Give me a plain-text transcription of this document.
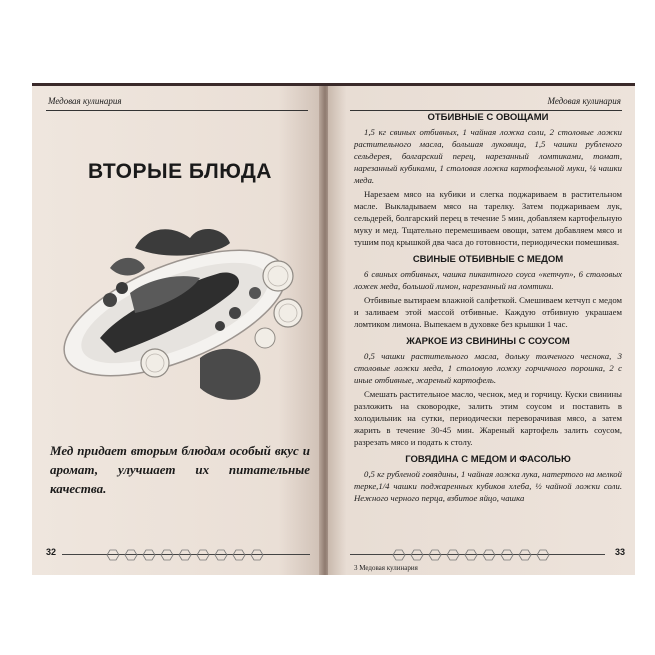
Медовая кулинария
ВТОРЫЕ БЛЮДА
Мед придает вторым блюдам особый вкус и аромат, улучшает их питательные качества.
32
Медовая кулинария
ОТБИВНЫЕ С ОВОЩАМИ

1,5 кг свиных отбивных, 1 чайная ложка соли, 2 столовые ложки растительного масла, большая луковица, 1,5 чашки рубленого сельдерея, болгарский перец, нарезанный ломтиками, томат, нарезанный кубиками, 1 столовая ложка картофельной муки, ¼ чашки меда.

Нарезаем мясо на кубики и слегка поджариваем в растительном масле. Выкладываем мясо на тарелку. Затем поджариваем лук, сельдерей, болгарский перец в течение 5 мин, добавляем картофельную муку и мед. Тщательно перемешиваем овощи, затем добавляем мясо и тушим под крышкой два часа до готовности, периодически помешивая.

СВИНЫЕ ОТБИВНЫЕ С МЕДОМ

6 свиных отбивных, чашка пикантного соуса «кетчуп», 6 столовых ложек меда, большой лимон, нарезанный на ломтики.

Отбивные вытираем влажной салфеткой. Смешиваем кетчуп с медом и заливаем этой массой отбивные. Каждую отбивную украшаем ломтиком лимона. Выпекаем в духовке без крышки 1 час.

ЖАРКОЕ ИЗ СВИНИНЫ С СОУСОМ

0,5 чашки растительного масла, дольку толченого чеснока, 3 столовые ложки меда, 1 столовую ложку горчичного порошка, 2 с иные отбивные, жареный картофель.

Смешать растительное масло, чеснок, мед и горчицу. Куски свинины разложить на сковородке, залить этим соусом и поставить в холодильник на сутки, периодически переворачивая мясо, а затем жарить в течение 30-45 мин. Жареный картофель залить соусом, разрезать мясо и подать к столу.

ГОВЯДИНА С МЕДОМ И ФАСОЛЬЮ

0,5 кг рубленой говядины, 1 чайная ложка лука, натертого на мелкой терке,1/4 чашки поджаренных кубиков хлеба, ½ чайной ложки соли. Нежного черного перца, взбитое яйцо, чашка

33
3 Медовая кулинария
